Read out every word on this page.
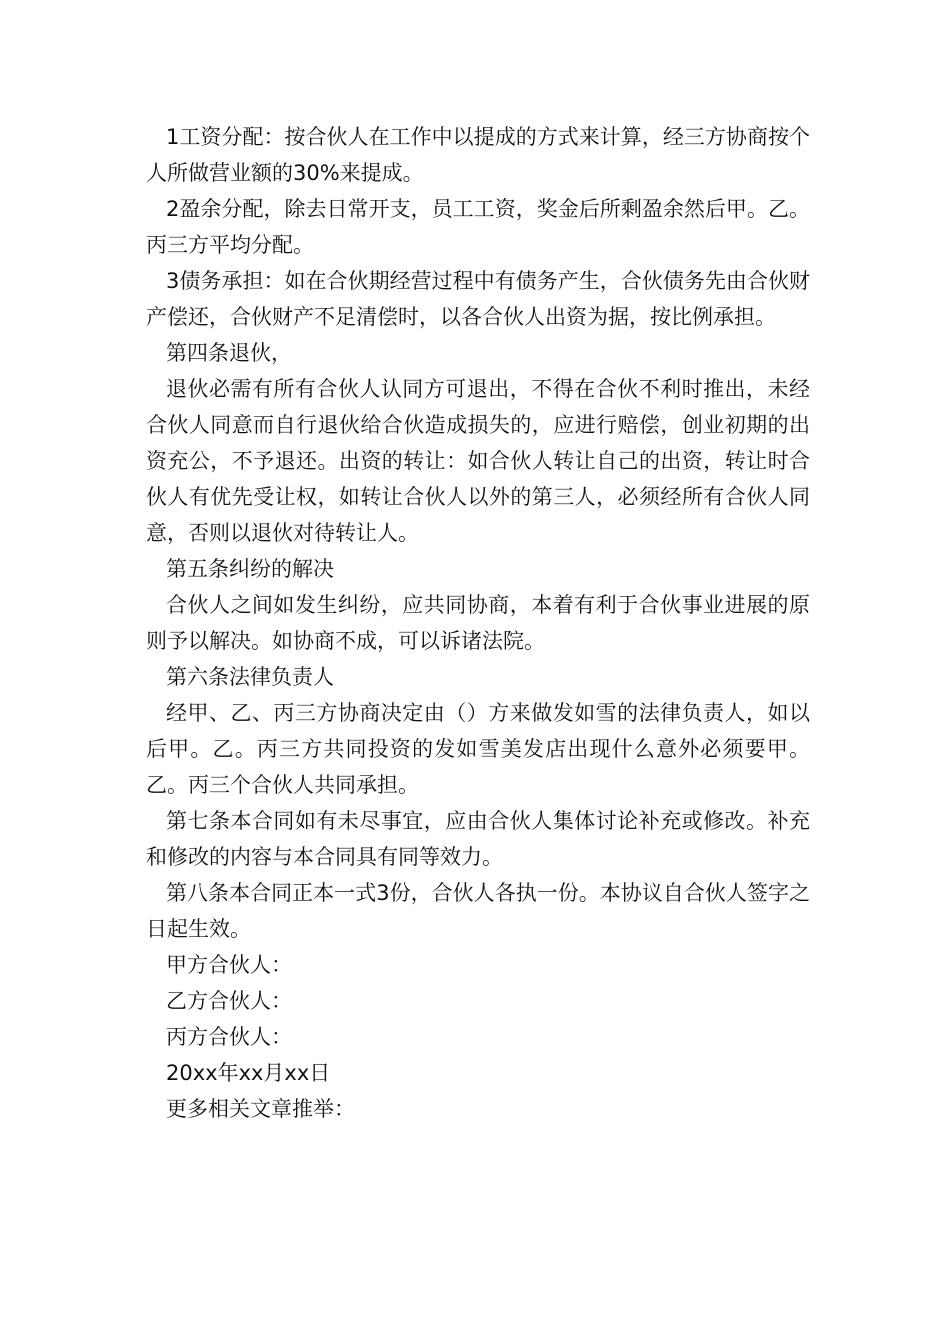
1工资分配：按合伙人在工作中以提成的方式来计算，经三方协商按个人所做营业额的30%来提成。

2盈余分配，除去日常开支，员工工资，奖金后所剩盈余然后甲。乙。丙三方平均分配。

3债务承担：如在合伙期经营过程中有债务产生，合伙债务先由合伙财产偿还，合伙财产不足清偿时，以各合伙人出资为据，按比例承担。

第四条退伙，

退伙必需有所有合伙人认同方可退出，不得在合伙不利时推出，未经合伙人同意而自行退伙给合伙造成损失的，应进行赔偿，创业初期的出资充公，不予退还。出资的转让：如合伙人转让自己的出资，转让时合伙人有优先受让权，如转让合伙人以外的第三人，必须经所有合伙人同意，否则以退伙对待转让人。

第五条纠纷的解决

合伙人之间如发生纠纷，应共同协商，本着有利于合伙事业进展的原则予以解决。如协商不成，可以诉诸法院。

第六条法律负责人

经甲、乙、丙三方协商决定由（）方来做发如雪的法律负责人，如以后甲。乙。丙三方共同投资的发如雪美发店出现什么意外必须要甲。乙。丙三个合伙人共同承担。

第七条本合同如有未尽事宜，应由合伙人集体讨论补充或修改。补充和修改的内容与本合同具有同等效力。

第八条本合同正本一式3份，合伙人各执一份。本协议自合伙人签字之日起生效。

甲方合伙人：

乙方合伙人：

丙方合伙人：

20xx年xx月xx日

更多相关文章推举：
